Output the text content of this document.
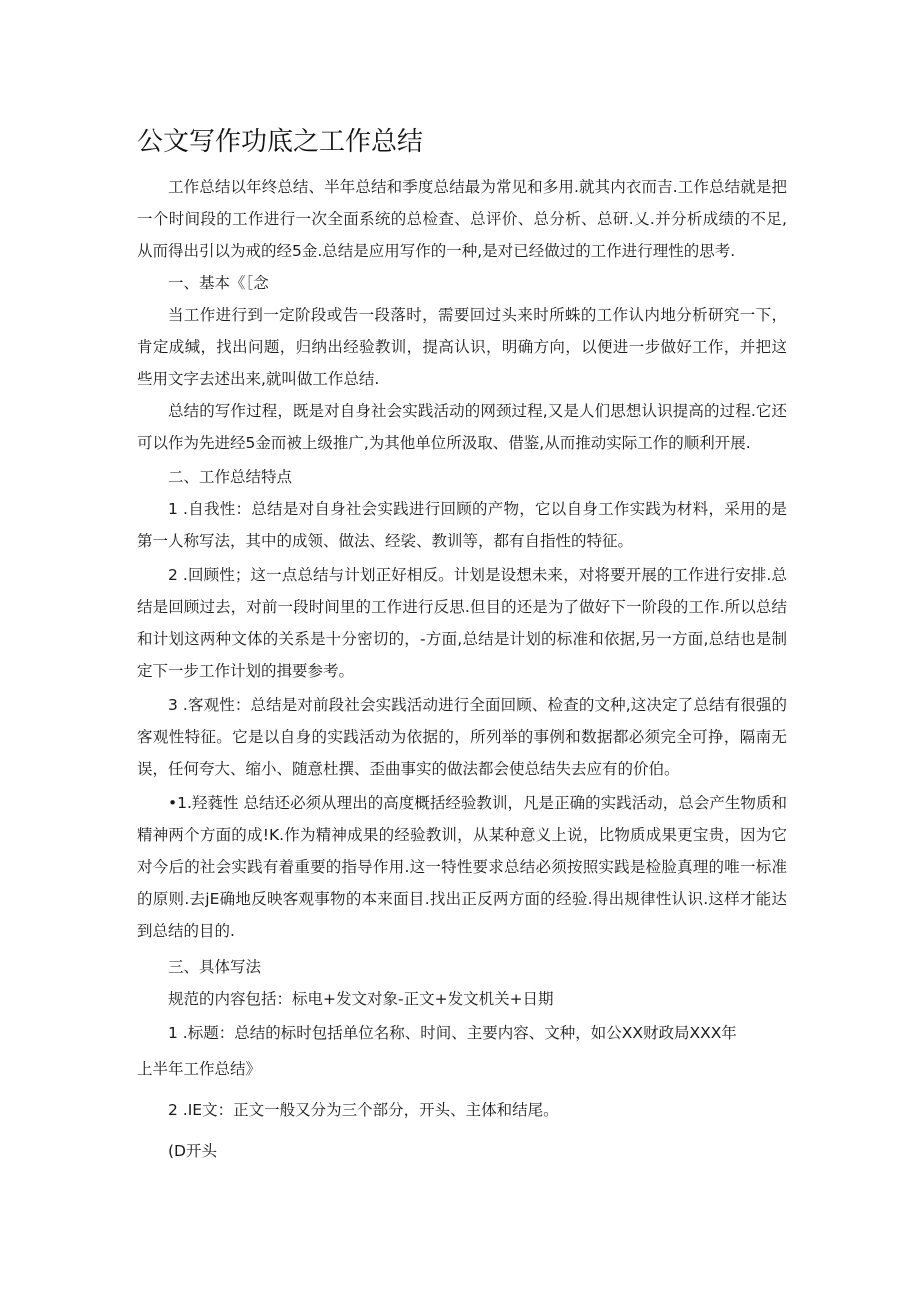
公文写作功底之工作总结
工作总结以年终总结、半年总结和季度总结最为常见和多用.就其内衣而吉.工作总结就是把一个时间段的工作进行一次全面系统的总检查、总评价、总分析、总研.乂.并分析成绩的不足,从而得出引以为戒的经5金.总结是应用写作的一种,是对已经做过的工作进行理性的思考.
一、基本《［念
当工作进行到一定阶段或告一段落时，需要回过头来时所蛛的工作认内地分析研究一下，肯定成缄，找出问题，归纳出经验教训，提高认识，明确方向，以便进一步做好工作，并把这些用文字去述出来,就叫做工作总结.
总结的写作过程，既是对自身社会实践活动的网颈过程,又是人们思想认识提高的过程.它还可以作为先进经5金而被上级推广,为其他单位所汲取、借鉴,从而推动实际工作的顺利开展.
二、工作总结特点
1 .自我性：总结是对自身社会实践进行回顾的产物，它以自身工作实践为材料，采用的是第一人称写法，其中的成领、做法、经裟、教训等，都有自指性的特征。
2 .回顾性；这一点总结与计划正好相反。计划是设想未来，对将要开展的工作进行安排.总结是回顾过去，对前一段时间里的工作进行反思.但目的还是为了做好下一阶段的工作.所以总结和计划这两种文体的关系是十分密切的，-方面,总结是计划的标准和依据,另一方面,总结也是制定下一步工作计划的揖要参考。
3 .客观性：总结是对前段社会实践活动进行全面回顾、检查的文种,这决定了总结有很强的客观性特征。它是以自身的实践活动为依据的，所列举的事例和数据都必须完全可挣，隔南无误，任何夸大、缩小、随意杜撰、歪曲事实的做法都会使总结失去应有的价伯。
•1.羟蕤性 总结还必须从理出的高度概括经验教训，凡是正确的实践活动，总会产生物质和精神两个方面的成!K.作为精神成果的经验教训，从某种意义上说，比物质成果更宝贵，因为它对今后的社会实践有着重要的指导作用.这一特性要求总结必须按照实践是检脸真理的唯一标准的原则.去jE确地反映客观事物的本来面目.找出正反两方面的经验.得出规律性认识.这样才能达到总结的目的.
三、具体写法
规范的内容包括：标电+发文对象-正文+发文机关+日期
1 .标题：总结的标时包括单位名称、时间、主要内容、文种，如公XX财政局XXX年
上半年工作总结》
2 .IE文：正文一般又分为三个部分，开头、主体和结尾。
(D开头
